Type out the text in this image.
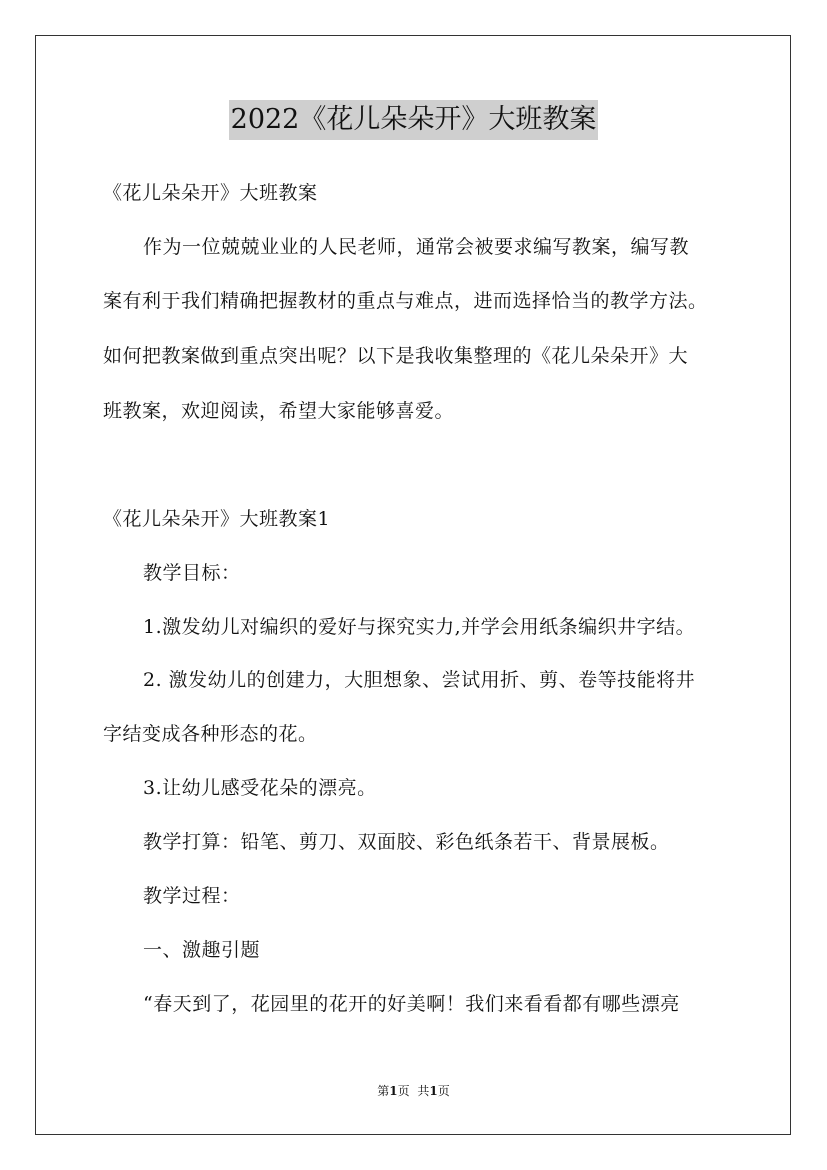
2022《花儿朵朵开》大班教案
《花儿朵朵开》大班教案
作为一位兢兢业业的人民老师，通常会被要求编写教案，编写教
案有利于我们精确把握教材的重点与难点，进而选择恰当的教学方法。
如何把教案做到重点突出呢？以下是我收集整理的《花儿朵朵开》大
班教案，欢迎阅读，希望大家能够喜爱。
《花儿朵朵开》大班教案1
教学目标：
1.激发幼儿对编织的爱好与探究实力,并学会用纸条编织井字结。
2. 激发幼儿的创建力，大胆想象、尝试用折、剪、卷等技能将井
字结变成各种形态的花。
3.让幼儿感受花朵的漂亮。
教学打算：铅笔、剪刀、双面胶、彩色纸条若干、背景展板。
教学过程：
一、激趣引题
“春天到了，花园里的花开的好美啊！我们来看看都有哪些漂亮
第1页 共1页
